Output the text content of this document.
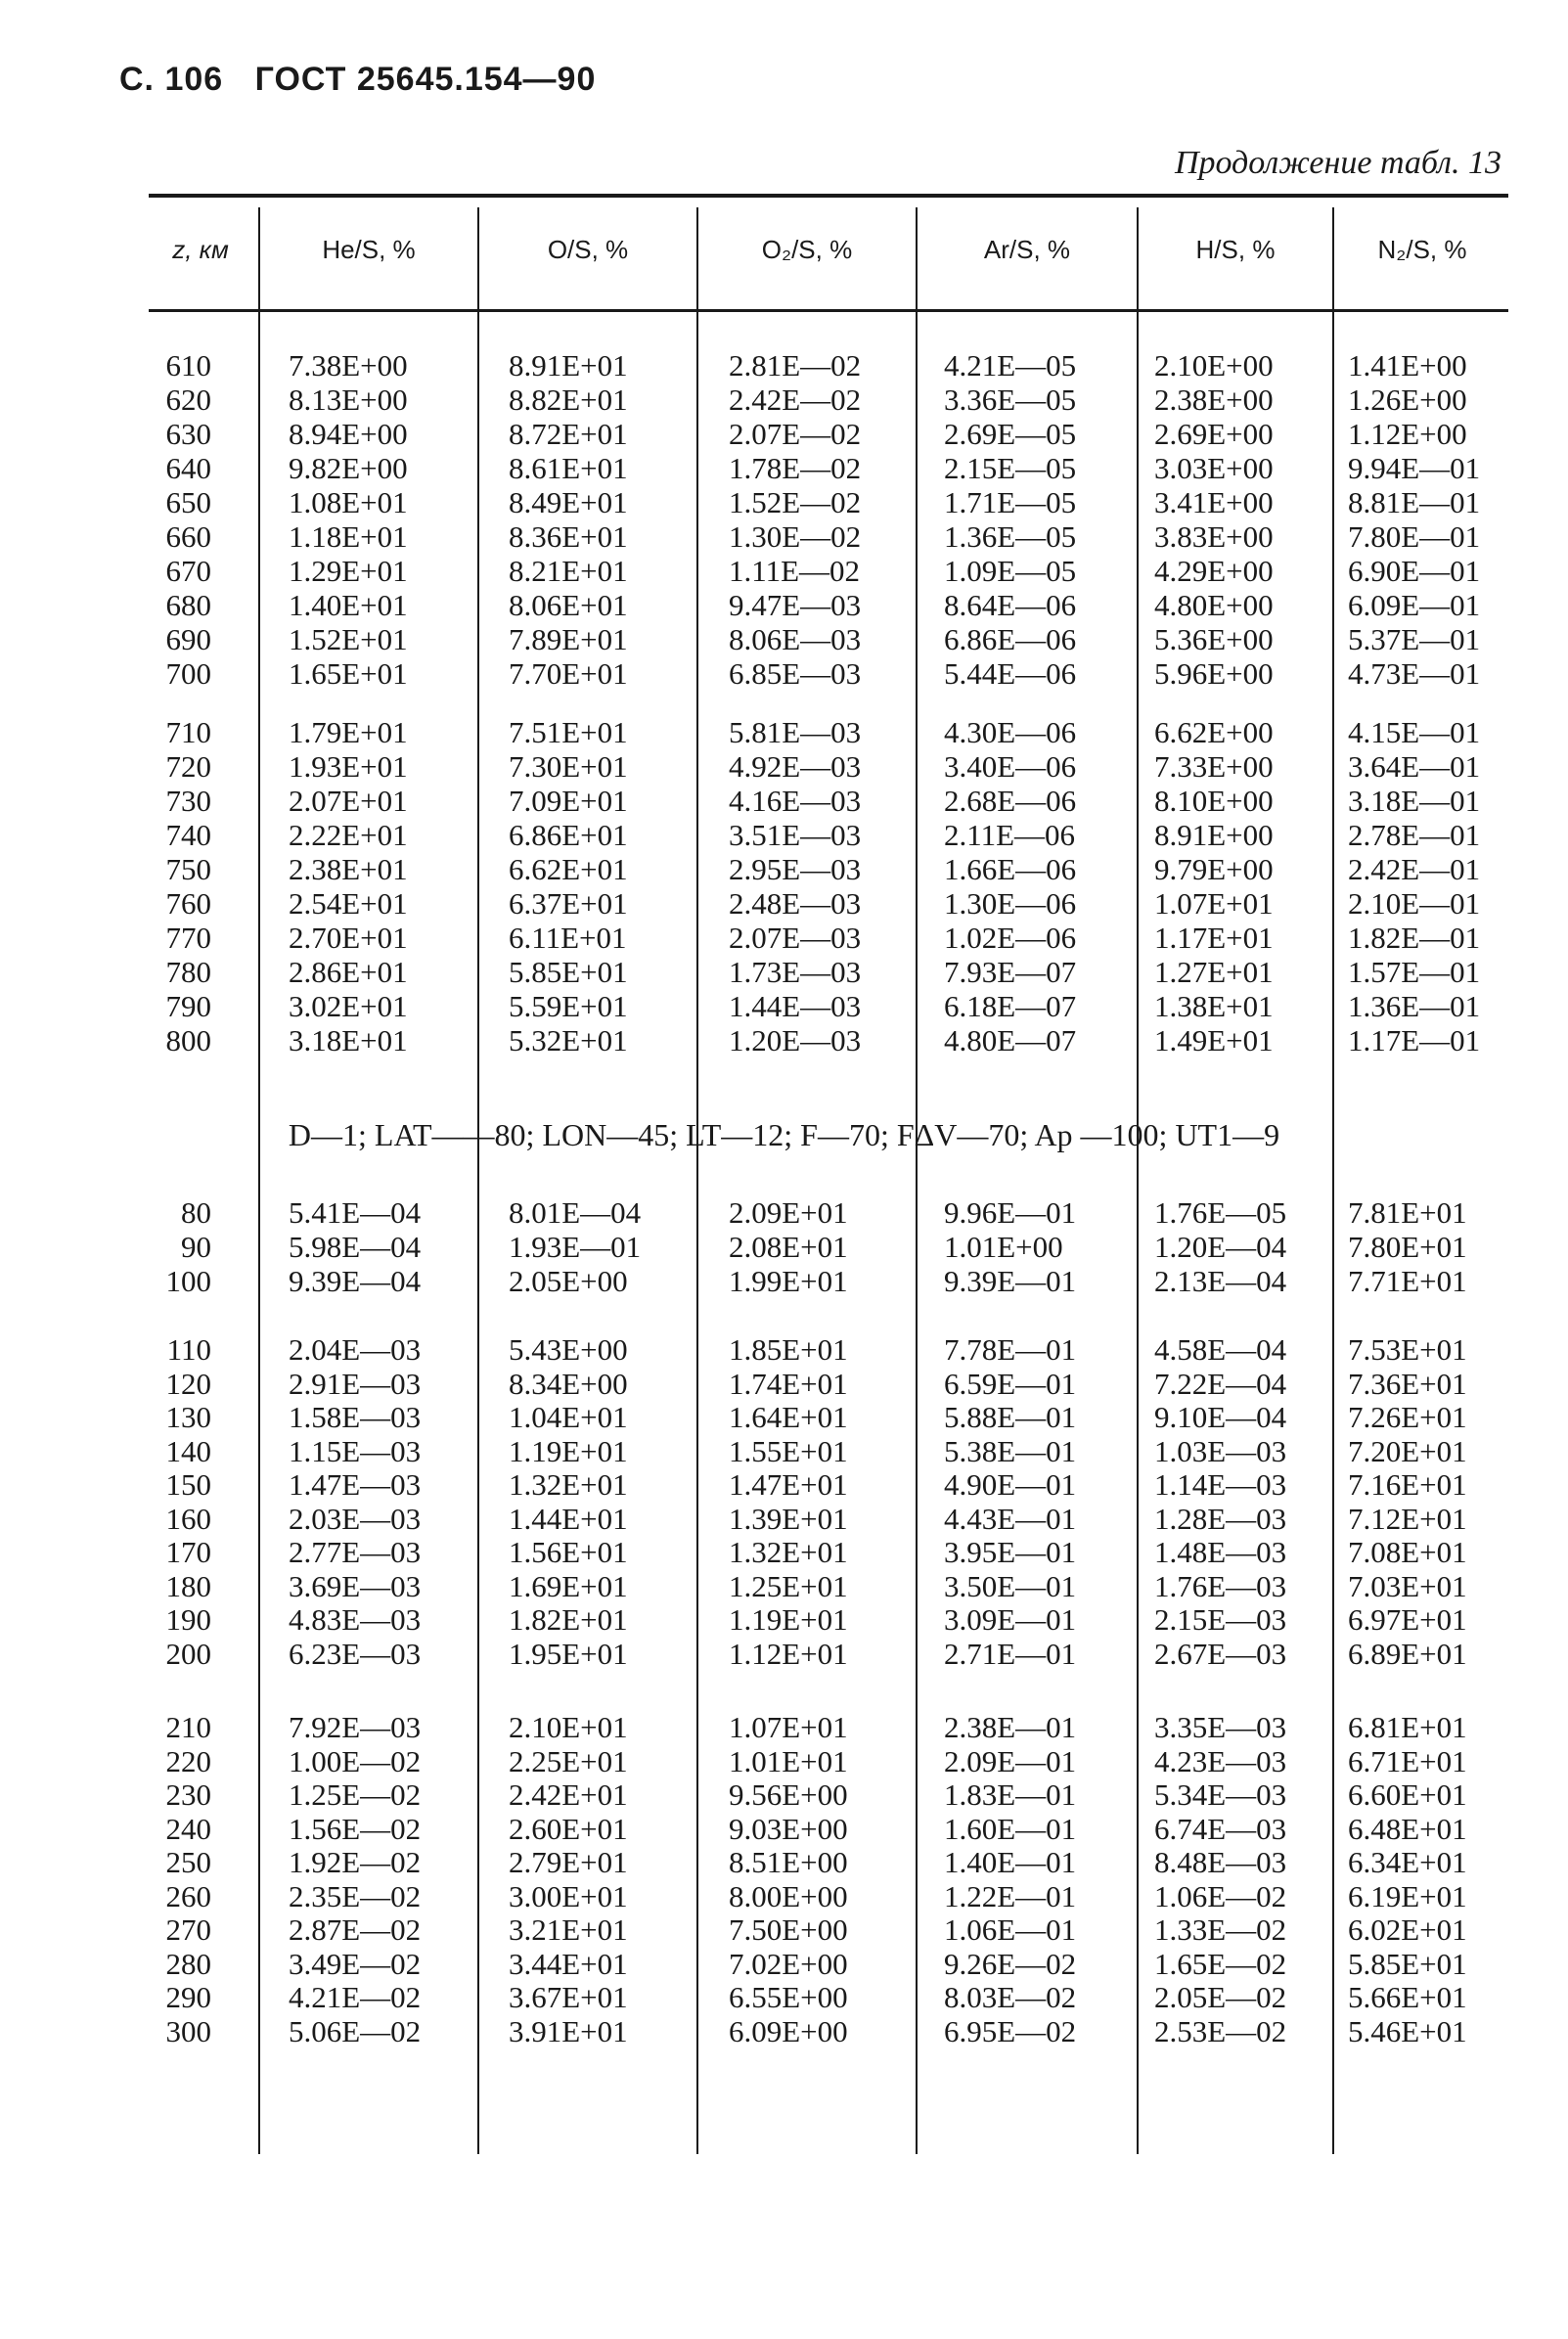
С. 106 ГОСТ 25645.154—90
Продолжение табл. 13
z, км	He/S, %	O/S, %	O₂/S, %	Ar/S, %	H/S, %	N₂/S, %
610	7.38E+00	8.91E+01	2.81E—02	4.21E—05	2.10E+00 1.41E+00
620	8.13E+00	8.82E+01	2.42E—02	3.36E—05	2.38E+00 1.26E+00
630	8.94E+00	8.72E+01	2.07E—02	2.69E—05	2.69E+00 1.12E+00
640	9.82E+00	8.61E+01	1.78E—02	2.15E—05	3.03E+00 9.94E—01
650	1.08E+01	8.49E+01	1.52E—02	1.71E—05	3.41E+00 8.81E—01
660	1.18E+01	8.36E+01	1.30E—02	1.36E—05	3.83E+00 7.80E—01
670	1.29E+01	8.21E+01	1.11E—02	1.09E—05	4.29E+00 6.90E—01
680	1.40E+01	8.06E+01	9.47E—03	8.64E—06	4.80E+00 6.09E—01
690	1.52E+01	7.89E+01	8.06E—03	6.86E—06	5.36E+00 5.37E—01
700	1.65E+01	7.70E+01	6.85E—03	5.44E—06	5.96E+00 4.73E—01
710	1.79E+01	7.51E+01	5.81E—03	4.30E—06	6.62E+00 4.15E—01
720	1.93E+01	7.30E+01	4.92E—03	3.40E—06	7.33E+00 3.64E—01
730	2.07E+01	7.09E+01	4.16E—03	2.68E—06	8.10E+00 3.18E—01
740	2.22E+01	6.86E+01	3.51E—03	2.11E—06	8.91E+00 2.78E—01
750	2.38E+01	6.62E+01	2.95E—03	1.66E—06	9.79E+00 2.42E—01
760	2.54E+01	6.37E+01	2.48E—03	1.30E—06	1.07E+01 2.10E—01
770	2.70E+01	6.11E+01	2.07E—03	1.02E—06	1.17E+01 1.82E—01
780	2.86E+01	5.85E+01	1.73E—03	7.93E—07	1.27E+01 1.57E—01
790	3.02E+01	5.59E+01	1.44E—03	6.18E—07	1.38E+01 1.36E—01
800	3.18E+01	5.32E+01	1.20E—03	4.80E—07	1.49E+01 1.17E—01
D—1; LAT——80; LON—45; LT—12; F—70; FΔV—70; Ap —100; UT1—9
80	5.41E—04	8.01E—04	2.09E+01	9.96E—01	1.76E—05 7.81E+01
90	5.98E—04	1.93E—01	2.08E+01	1.01E+00	1.20E—04 7.80E+01
100	9.39E—04	2.05E+00	1.99E+01	9.39E—01	2.13E—04 7.71E+01
110	2.04E—03	5.43E+00	1.85E+01	7.78E—01	4.58E—04 7.53E+01
120	2.91E—03	8.34E+00	1.74E+01	6.59E—01	7.22E—04 7.36E+01
130	1.58E—03	1.04E+01	1.64E+01	5.88E—01	9.10E—04 7.26E+01
140	1.15E—03	1.19E+01	1.55E+01	5.38E—01	1.03E—03 7.20E+01
150	1.47E—03	1.32E+01	1.47E+01	4.90E—01	1.14E—03 7.16E+01
160	2.03E—03	1.44E+01	1.39E+01	4.43E—01	1.28E—03 7.12E+01
170	2.77E—03	1.56E+01	1.32E+01	3.95E—01	1.48E—03 7.08E+01
180	3.69E—03	1.69E+01	1.25E+01	3.50E—01	1.76E—03 7.03E+01
190	4.83E—03	1.82E+01	1.19E+01	3.09E—01	2.15E—03 6.97E+01
200	6.23E—03	1.95E+01	1.12E+01	2.71E—01	2.67E—03 6.89E+01
210	7.92E—03	2.10E+01	1.07E+01	2.38E—01	3.35E—03 6.81E+01
220	1.00E—02	2.25E+01	1.01E+01	2.09E—01	4.23E—03 6.71E+01
230	1.25E—02	2.42E+01	9.56E+00	1.83E—01	5.34E—03 6.60E+01
240	1.56E—02	2.60E+01	9.03E+00	1.60E—01	6.74E—03 6.48E+01
250	1.92E—02	2.79E+01	8.51E+00	1.40E—01	8.48E—03 6.34E+01
260	2.35E—02	3.00E+01	8.00E+00	1.22E—01	1.06E—02 6.19E+01
270	2.87E—02	3.21E+01	7.50E+00	1.06E—01	1.33E—02 6.02E+01
280	3.49E—02	3.44E+01	7.02E+00	9.26E—02	1.65E—02 5.85E+01
290	4.21E—02	3.67E+01	6.55E+00	8.03E—02	2.05E—02 5.66E+01
300	5.06E—02	3.91E+01	6.09E+00	6.95E—02	2.53E—02 5.46E+01
